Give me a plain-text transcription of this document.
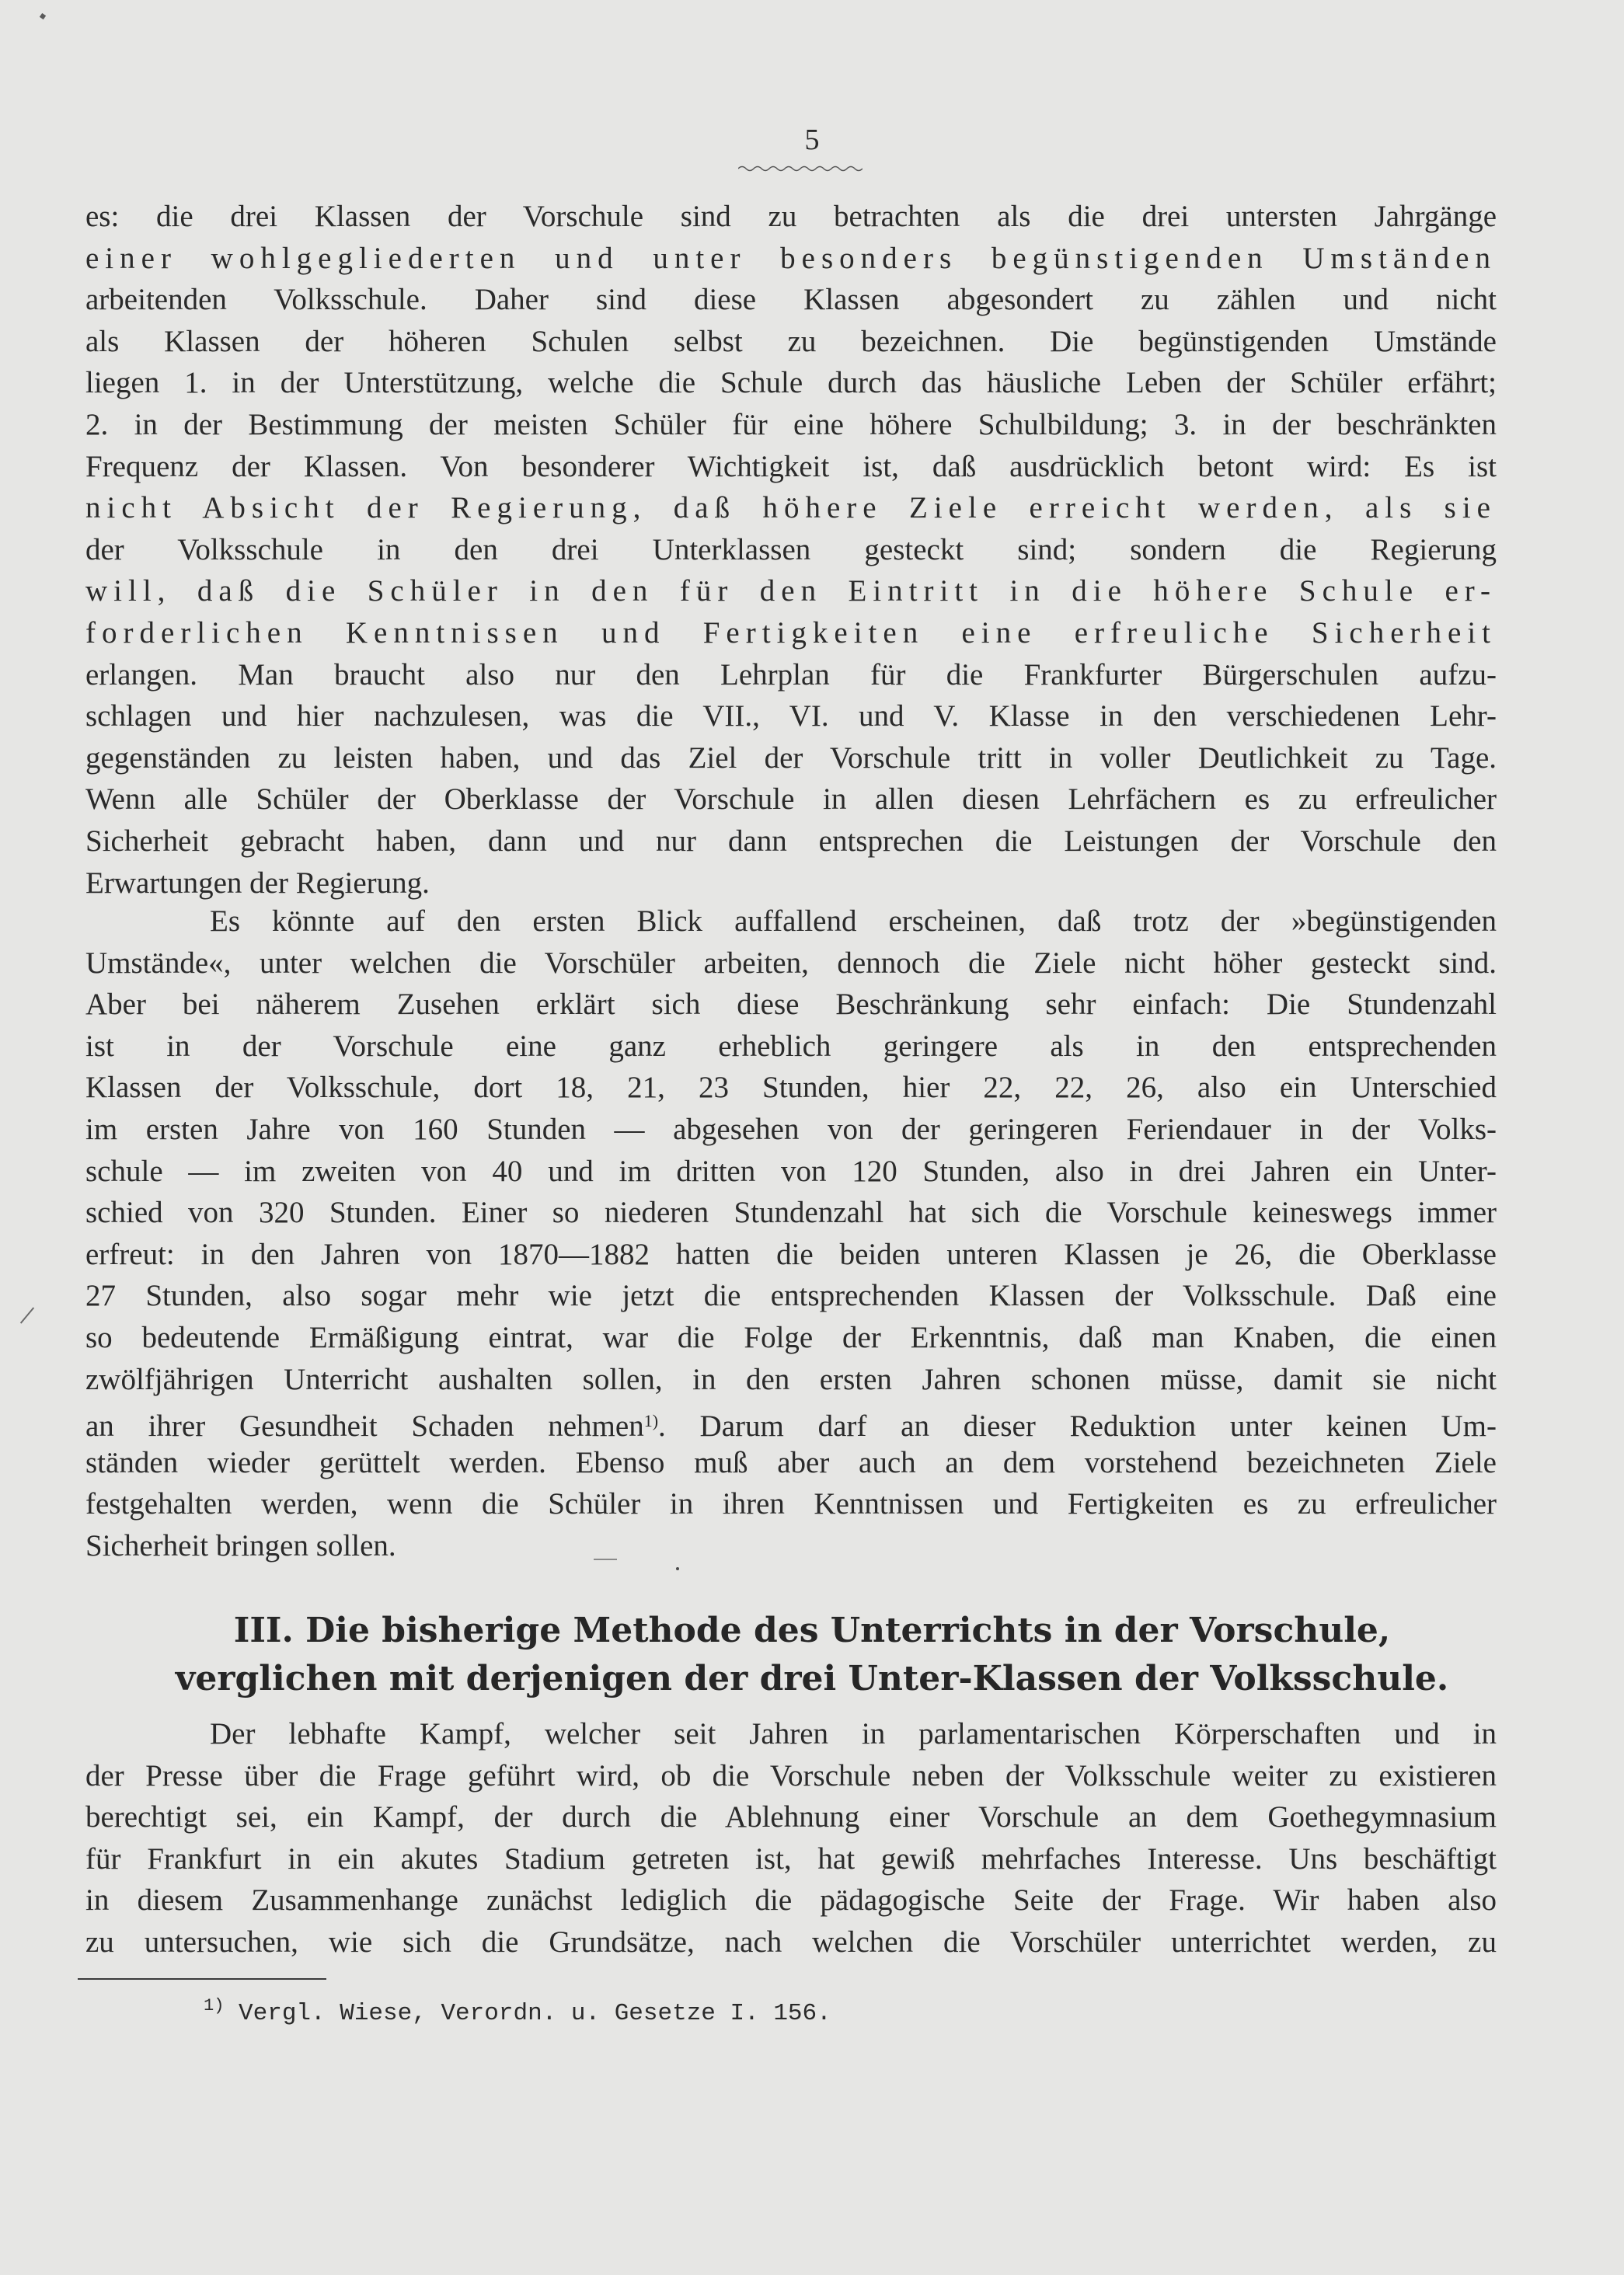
5
es: die drei Klassen der Vorschule sind zu betrachten als die drei untersten Jahrgänge
einer wohlgegliederten und unter besonders begünstigenden Umständen
arbeitenden Volksschule. Daher sind diese Klassen abgesondert zu zählen und nicht
als Klassen der höheren Schulen selbst zu bezeichnen. Die begünstigenden Umstände
liegen 1. in der Unterstützung, welche die Schule durch das häusliche Leben der Schüler erfährt;
2. in der Bestimmung der meisten Schüler für eine höhere Schulbildung; 3. in der beschränkten
Frequenz der Klassen. Von besonderer Wichtigkeit ist, daß ausdrücklich betont wird: Es ist
nicht Absicht der Regierung, daß höhere Ziele erreicht werden, als sie
der Volksschule in den drei Unterklassen gesteckt sind; sondern die Regierung
will, daß die Schüler in den für den Eintritt in die höhere Schule er-
forderlichen Kenntnissen und Fertigkeiten eine erfreuliche Sicherheit
erlangen. Man braucht also nur den Lehrplan für die Frankfurter Bürgerschulen aufzu-
schlagen und hier nachzulesen, was die VII., VI. und V. Klasse in den verschiedenen Lehr-
gegenständen zu leisten haben, und das Ziel der Vorschule tritt in voller Deutlichkeit zu Tage.
Wenn alle Schüler der Oberklasse der Vorschule in allen diesen Lehrfächern es zu erfreulicher
Sicherheit gebracht haben, dann und nur dann entsprechen die Leistungen der Vorschule den
Erwartungen der Regierung.
Es könnte auf den ersten Blick auffallend erscheinen, daß trotz der »begünstigenden
Umstände«, unter welchen die Vorschüler arbeiten, dennoch die Ziele nicht höher gesteckt sind.
Aber bei näherem Zusehen erklärt sich diese Beschränkung sehr einfach: Die Stundenzahl
ist in der Vorschule eine ganz erheblich geringere als in den entsprechenden
Klassen der Volksschule, dort 18, 21, 23 Stunden, hier 22, 22, 26, also ein Unterschied
im ersten Jahre von 160 Stunden — abgesehen von der geringeren Feriendauer in der Volks-
schule — im zweiten von 40 und im dritten von 120 Stunden, also in drei Jahren ein Unter-
schied von 320 Stunden. Einer so niederen Stundenzahl hat sich die Vorschule keineswegs immer
erfreut: in den Jahren von 1870—1882 hatten die beiden unteren Klassen je 26, die Oberklasse
27 Stunden, also sogar mehr wie jetzt die entsprechenden Klassen der Volksschule. Daß eine
so bedeutende Ermäßigung eintrat, war die Folge der Erkenntnis, daß man Knaben, die einen
zwölfjährigen Unterricht aushalten sollen, in den ersten Jahren schonen müsse, damit sie nicht
an ihrer Gesundheit Schaden nehmen$^{1)}$. Darum darf an dieser Reduktion unter keinen Um-
ständen wieder gerüttelt werden. Ebenso muß aber auch an dem vorstehend bezeichneten Ziele
festgehalten werden, wenn die Schüler in ihren Kenntnissen und Fertigkeiten es zu erfreulicher
Sicherheit bringen sollen.
III. Die bisherige Methode des Unterrichts in der Vorschule,
verglichen mit derjenigen der drei Unter-Klassen der Volksschule.
Der lebhafte Kampf, welcher seit Jahren in parlamentarischen Körperschaften und in
der Presse über die Frage geführt wird, ob die Vorschule neben der Volksschule weiter zu existieren
berechtigt sei, ein Kampf, der durch die Ablehnung einer Vorschule an dem Goethegymnasium
für Frankfurt in ein akutes Stadium getreten ist, hat gewiß mehrfaches Interesse. Uns beschäftigt
in diesem Zusammenhange zunächst lediglich die pädagogische Seite der Frage. Wir haben also
zu untersuchen, wie sich die Grundsätze, nach welchen die Vorschüler unterrichtet werden, zu
$^{1)}$ Vergl. Wiese, Verordn. u. Gesetze I. 156.
